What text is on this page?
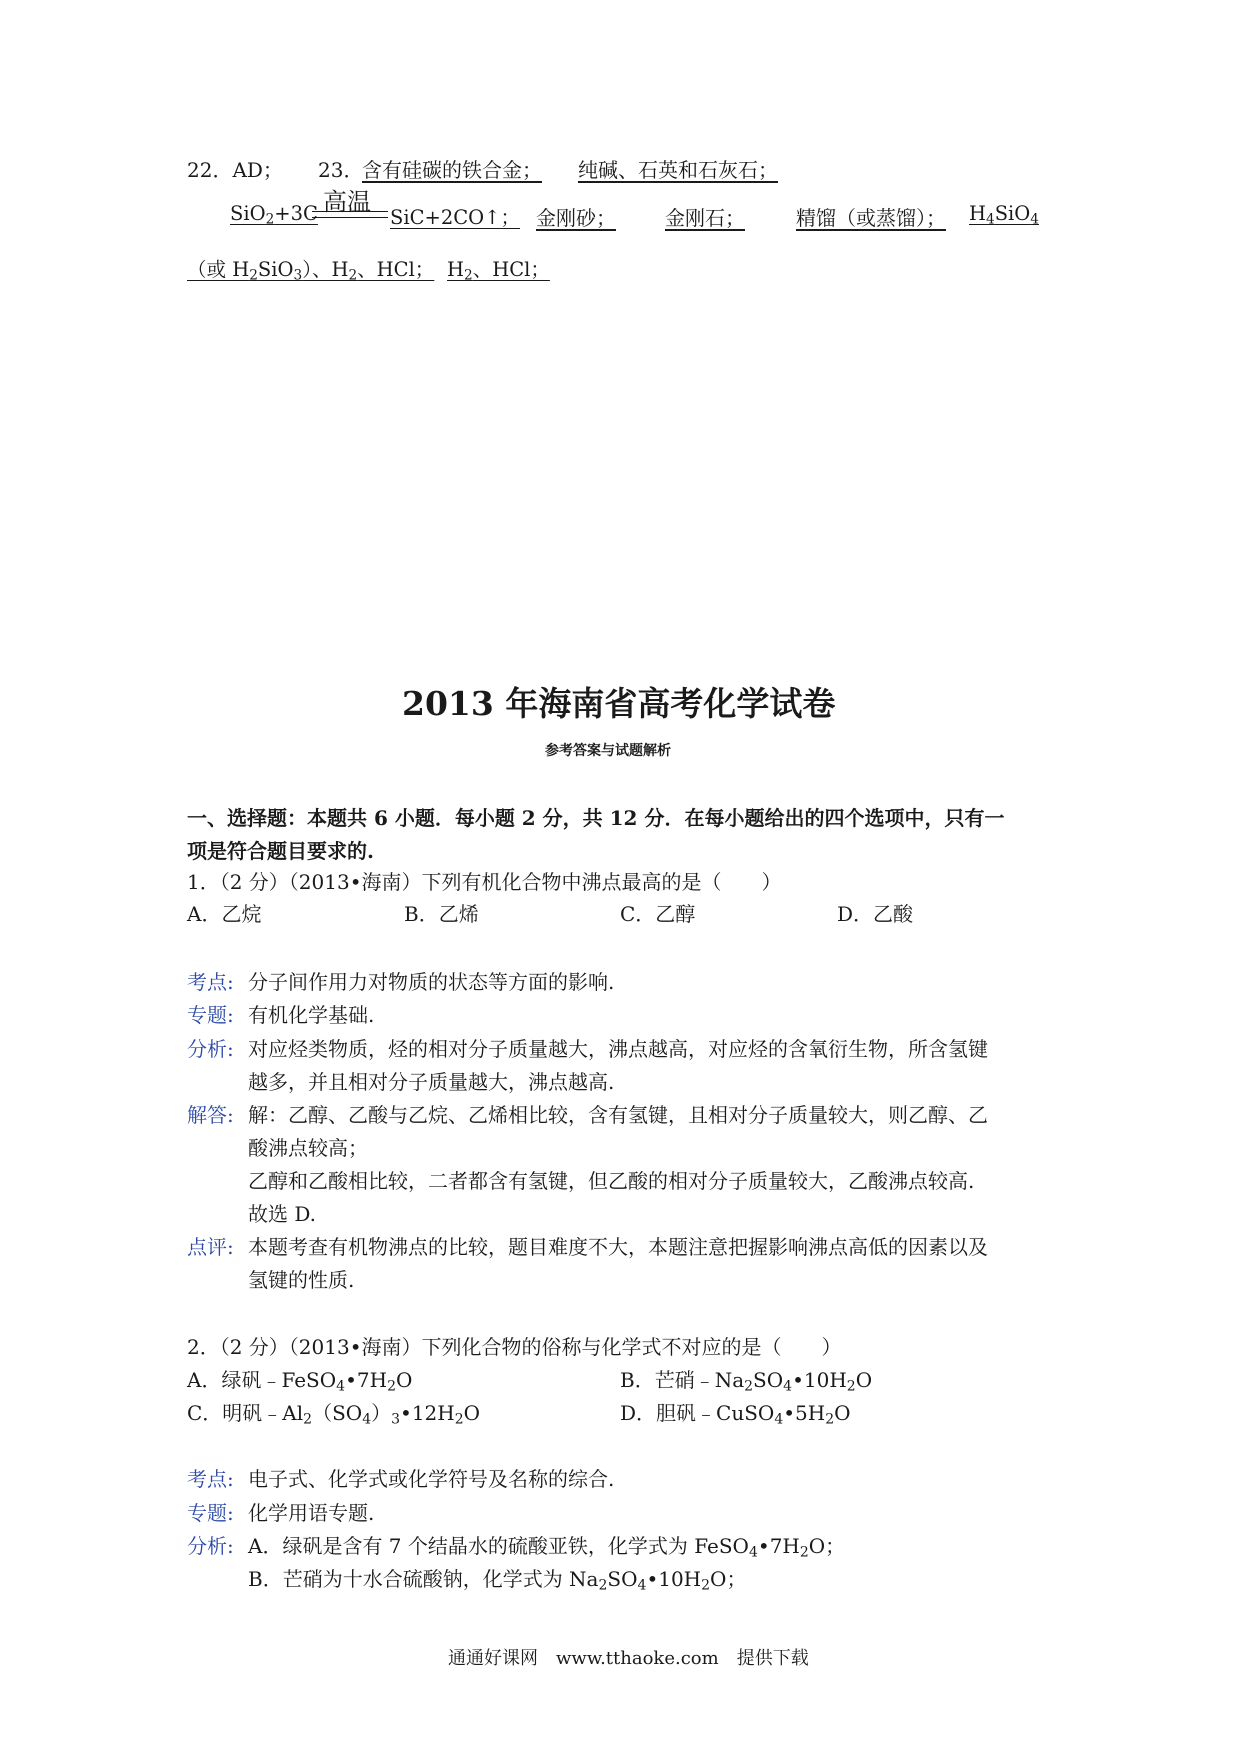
22．AD； 23．
含有硅碳的铁合金； 纯碱、石英和石灰石；
SiO$_2$+3C 高温
SiC+2CO↑； 金刚砂； 金刚石；	精馏（或蒸馏）； $H_4SiO_4$
（或 $H_2SiO_3$）、$H_2$、HCl； $H_2$、HCl；
2013 年海南省高考化学试卷
参考答案与试题解析
一、选择题：本题共 6 小题．每小题 2 分，共 12 分．在每小题给出的四个选项中，只有一
项是符合题目要求的.
1．（2 分）（2013•海南）下列有机化合物中沸点最高的是（　　）
A．乙烷	B．乙烯	C．乙醇	D．乙酸
考点: 分子间作用力对物质的状态等方面的影响.
专题: 有机化学基础.
分析: 对应烃类物质，烃的相对分子质量越大，沸点越高，对应烃的含氧衍生物，所含氢键
越多，并且相对分子质量越大，沸点越高.
解答: 解：乙醇、乙酸与乙烷、乙烯相比较，含有氢键，且相对分子质量较大，则乙醇、乙
酸沸点较高；
乙醇和乙酸相比较，二者都含有氢键，但乙酸的相对分子质量较大，乙酸沸点较高.
故选 D.
点评: 本题考查有机物沸点的比较，题目难度不大，本题注意把握影响沸点高低的因素以及
氢键的性质.
2．（2 分）（2013•海南）下列化合物的俗称与化学式不对应的是（　　）
A．绿矾$﹣FeSO_4•7H_2O$	B．芒硝$﹣Na_2SO_4•10H_2O$
C．明矾$﹣Al_2(SO_4)_3•12H_2O$	D．胆矾$﹣CuSO_4•5H_2O$
考点: 电子式、化学式或化学符号及名称的综合.
专题: 化学用语专题.
分析: A．绿矾是含有 7 个结晶水的硫酸亚铁，化学式为 $FeSO_4•7H_2O$；
B．芒硝为十水合硫酸钠，化学式为 $Na_2SO_4•10H_2O$；
通通好课网　www.tthaoke.com　提供下载
